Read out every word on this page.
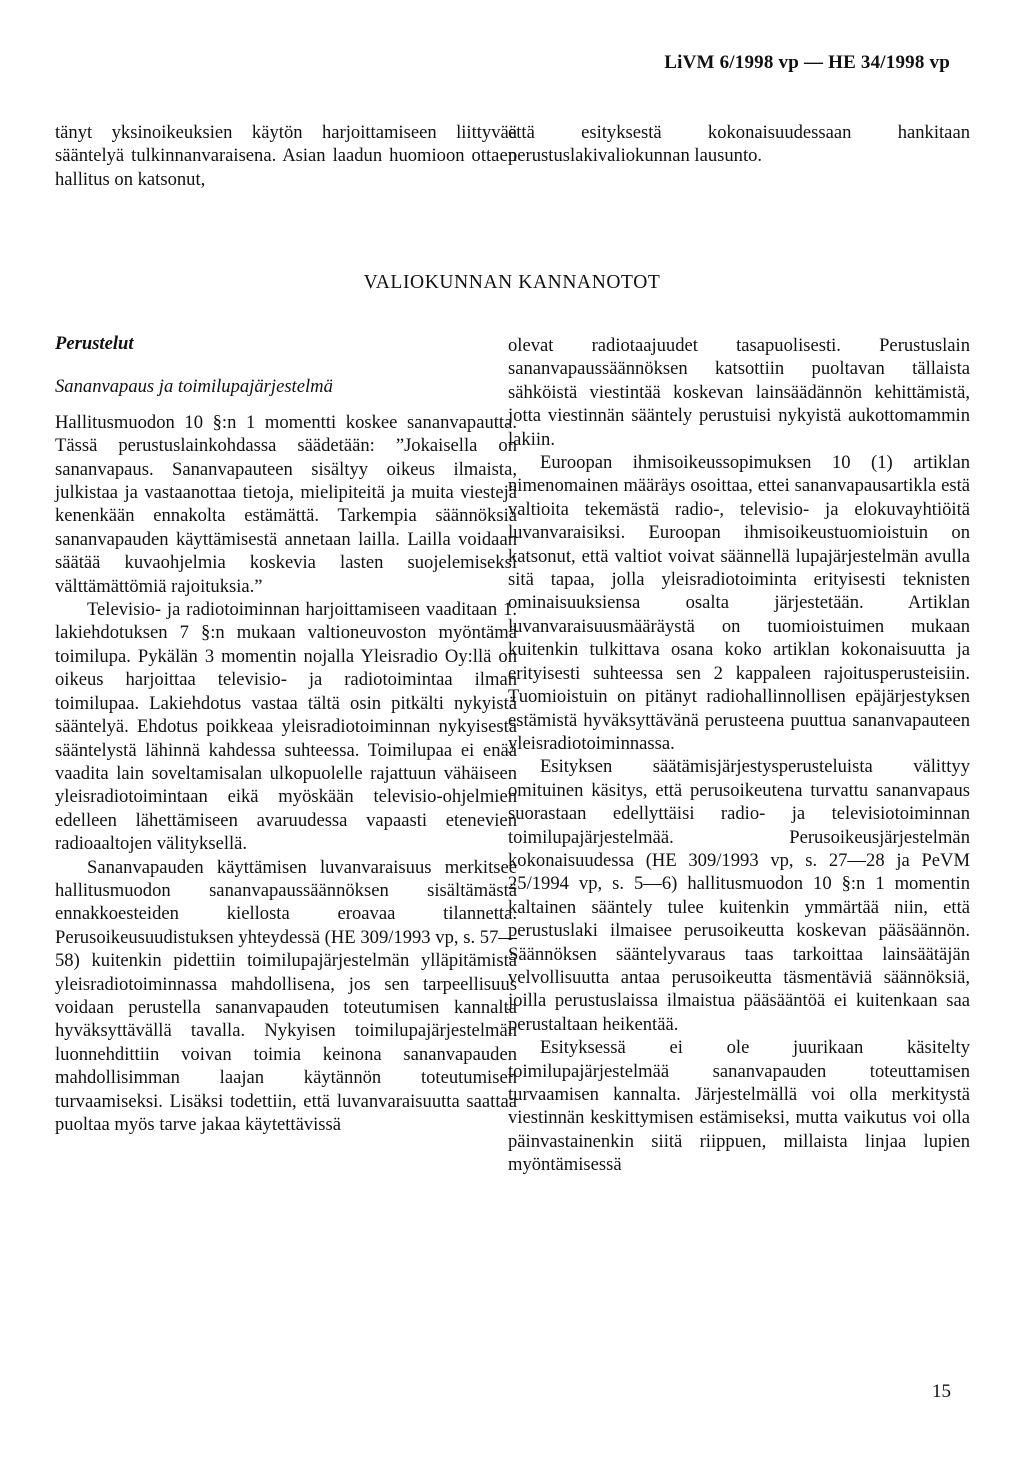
LiVM 6/1998 vp — HE 34/1998 vp

tänyt yksinoikeuksien käytön harjoittamiseen liittyvää sääntelyä tulkinnanvaraisena. Asian laadun huomioon ottaen hallitus on katsonut,

että esityksestä kokonaisuudessaan hankitaan perustuslakivaliokunnan lausunto.

VALIOKUNNAN KANNANOTOT
Perustelut
Sananvapaus ja toimilupajärjestelmä

Hallitusmuodon 10 §:n 1 momentti koskee sananvapautta. Tässä perustuslainkohdassa säädetään: ”Jokaisella on sananvapaus. Sananvapauteen sisältyy oikeus ilmaista, julkistaa ja vastaanottaa tietoja, mielipiteitä ja muita viestejä kenenkään ennakolta estämättä. Tarkempia säännöksiä sananvapauden käyttämisestä annetaan lailla. Lailla voidaan säätää kuvaohjelmia koskevia lasten suojelemiseksi välttämättömiä rajoituksia.”

Televisio- ja radiotoiminnan harjoittamiseen vaaditaan 1. lakiehdotuksen 7 §:n mukaan valtioneuvoston myöntämä toimilupa. Pykälän 3 momentin nojalla Yleisradio Oy:llä on oikeus harjoittaa televisio- ja radiotoimintaa ilman toimilupaa. Lakiehdotus vastaa tältä osin pitkälti nykyistä sääntelyä. Ehdotus poikkeaa yleisradiotoiminnan nykyisestä sääntelystä lähinnä kahdessa suhteessa. Toimilupaa ei enää vaadita lain soveltamisalan ulkopuolelle rajattuun vähäiseen yleisradiotoimintaan eikä myöskään televisio-ohjelmien edelleen lähettämiseen avaruudessa vapaasti etenevien radioaaltojen välityksellä.

Sananvapauden käyttämisen luvanvaraisuus merkitsee hallitusmuodon sananvapaussäännöksen sisältämästä ennakkoesteiden kiellosta eroavaa tilannetta. Perusoikeusuudistuksen yhteydessä (HE 309/1993 vp, s. 57—58) kuitenkin pidettiin toimilupajärjestelmän ylläpitämistä yleisradiotoiminnassa mahdollisena, jos sen tarpeellisuus voidaan perustella sananvapauden toteutumisen kannalta hyväksyttävällä tavalla. Nykyisen toimilupajärjestelmän luonnehdittiin voivan toimia keinona sananvapauden mahdollisimman laajan käytännön toteutumisen turvaamiseksi. Lisäksi todettiin, että luvanvaraisuutta saattaa puoltaa myös tarve jakaa käytettävissä

olevat radiotaajuudet tasapuolisesti. Perustuslain sananvapaussäännöksen katsottiin puoltavan tällaista sähköistä viestintää koskevan lainsäädännön kehittämistä, jotta viestinnän sääntely perustuisi nykyistä aukottomammin lakiin.

Euroopan ihmisoikeussopimuksen 10 (1) artiklan nimenomainen määräys osoittaa, ettei sananvapausartikla estä valtioita tekemästä radio-, televisio- ja elokuvayhtiöitä luvanvaraisiksi. Euroopan ihmisoikeustuomioistuin on katsonut, että valtiot voivat säännellä lupajärjestelmän avulla sitä tapaa, jolla yleisradiotoiminta erityisesti teknisten ominaisuuksiensa osalta järjestetään. Artiklan luvanvaraisuusmääräystä on tuomioistuimen mukaan kuitenkin tulkittava osana koko artiklan kokonaisuutta ja erityisesti suhteessa sen 2 kappaleen rajoitusperusteisiin. Tuomioistuin on pitänyt radiohallinnollisen epäjärjestyksen estämistä hyväksyttävänä perusteena puuttua sananvapauteen yleisradiotoiminnassa.

Esityksen säätämisjärjestysperusteluista välittyy omituinen käsitys, että perusoikeutena turvattu sananvapaus suorastaan edellyttäisi radio- ja televisiotoiminnan toimilupajärjestelmää. Perusoikeusjärjestelmän kokonaisuudessa (HE 309/1993 vp, s. 27—28 ja PeVM 25/1994 vp, s. 5—6) hallitusmuodon 10 §:n 1 momentin kaltainen sääntely tulee kuitenkin ymmärtää niin, että perustuslaki ilmaisee perusoikeutta koskevan pääsäännön. Säännöksen sääntelyvaraus taas tarkoittaa lainsäätäjän velvollisuutta antaa perusoikeutta täsmentäviä säännöksiä, joilla perustuslaissa ilmaistua pääsääntöä ei kuitenkaan saa perustaltaan heikentää.

Esityksessä ei ole juurikaan käsitelty toimilupajärjestelmää sananvapauden toteuttamisen turvaamisen kannalta. Järjestelmällä voi olla merkitystä viestinnän keskittymisen estämiseksi, mutta vaikutus voi olla päinvastainenkin siitä riippuen, millaista linjaa lupien myöntämisessä

15
